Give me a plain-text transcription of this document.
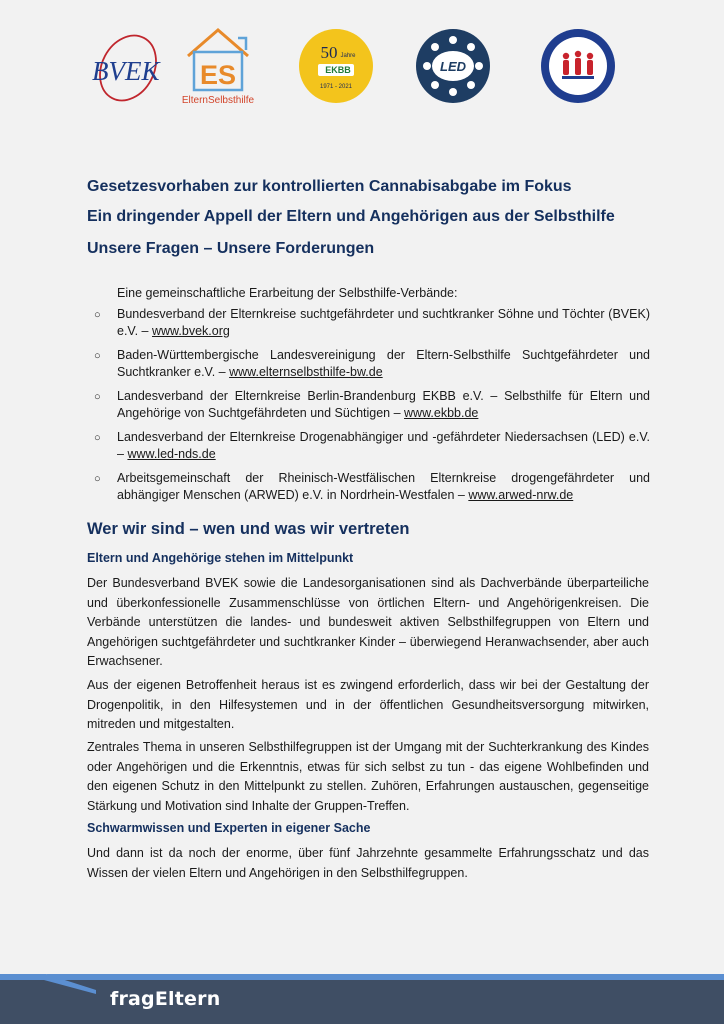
BVEK ES
ElternSelbsthilfe
50 Jahre
EKBB
1971 - 2021
LED
Gesetzesvorhaben zur kontrollierten Cannabisabgabe im Fokus
Ein dringender Appell der Eltern und Angehörigen aus der Selbsthilfe
Unsere Fragen – Unsere Forderungen
Eine gemeinschaftliche Erarbeitung der Selbsthilfe-Verbände:
○ Bundesverband der Elternkreise suchtgefährdeter und suchtkranker Söhne und Töchter (BVEK) e.V. – www.bvek.org
○ Baden-Württembergische Landesvereinigung der Eltern-Selbsthilfe Suchtgefährdeter und Suchtkranker e.V. – www.elternselbsthilfe-bw.de
○ Landesverband der Elternkreise Berlin-Brandenburg EKBB e.V. – Selbsthilfe für Eltern und Angehörige von Suchtgefährdeten und Süchtigen – www.ekbb.de
○ Landesverband der Elternkreise Drogenabhängiger und -gefährdeter Niedersachsen (LED) e.V. – www.led-nds.de
○ Arbeitsgemeinschaft der Rheinisch-Westfälischen Elternkreise drogengefährdeter und abhängiger Menschen (ARWED) e.V. in Nordrhein-Westfalen – www.arwed-nrw.de
Wer wir sind – wen und was wir vertreten
Eltern und Angehörige stehen im Mittelpunkt

Der Bundesverband BVEK sowie die Landesorganisationen sind als Dachverbände überparteiliche und überkonfessionelle Zusammenschlüsse von örtlichen Eltern- und Angehörigenkreisen. Die Verbände unterstützen die landes- und bundesweit aktiven Selbsthilfegruppen von Eltern und Angehörigen suchtgefährdeter und suchtkranker Kinder – überwiegend Heranwachsender, aber auch Erwachsener.

Aus der eigenen Betroffenheit heraus ist es zwingend erforderlich, dass wir bei der Gestaltung der Drogenpolitik, in den Hilfesystemen und in der öffentlichen Gesundheitsversorgung mitwirken, mitreden und mitgestalten.

Zentrales Thema in unseren Selbsthilfegruppen ist der Umgang mit der Suchterkrankung des Kindes oder Angehörigen und die Erkenntnis, etwas für sich selbst zu tun - das eigene Wohlbefinden und den eigenen Schutz in den Mittelpunkt zu stellen. Zuhören, Erfahrungen austauschen, gegenseitige Stärkung und Motivation sind Inhalte der Gruppen-Treffen.

Schwarmwissen und Experten in eigener Sache

Und dann ist da noch der enorme, über fünf Jahrzehnte gesammelte Erfahrungsschatz und das Wissen der vielen Eltern und Angehörigen in den Selbsthilfegruppen.

fragEltern
